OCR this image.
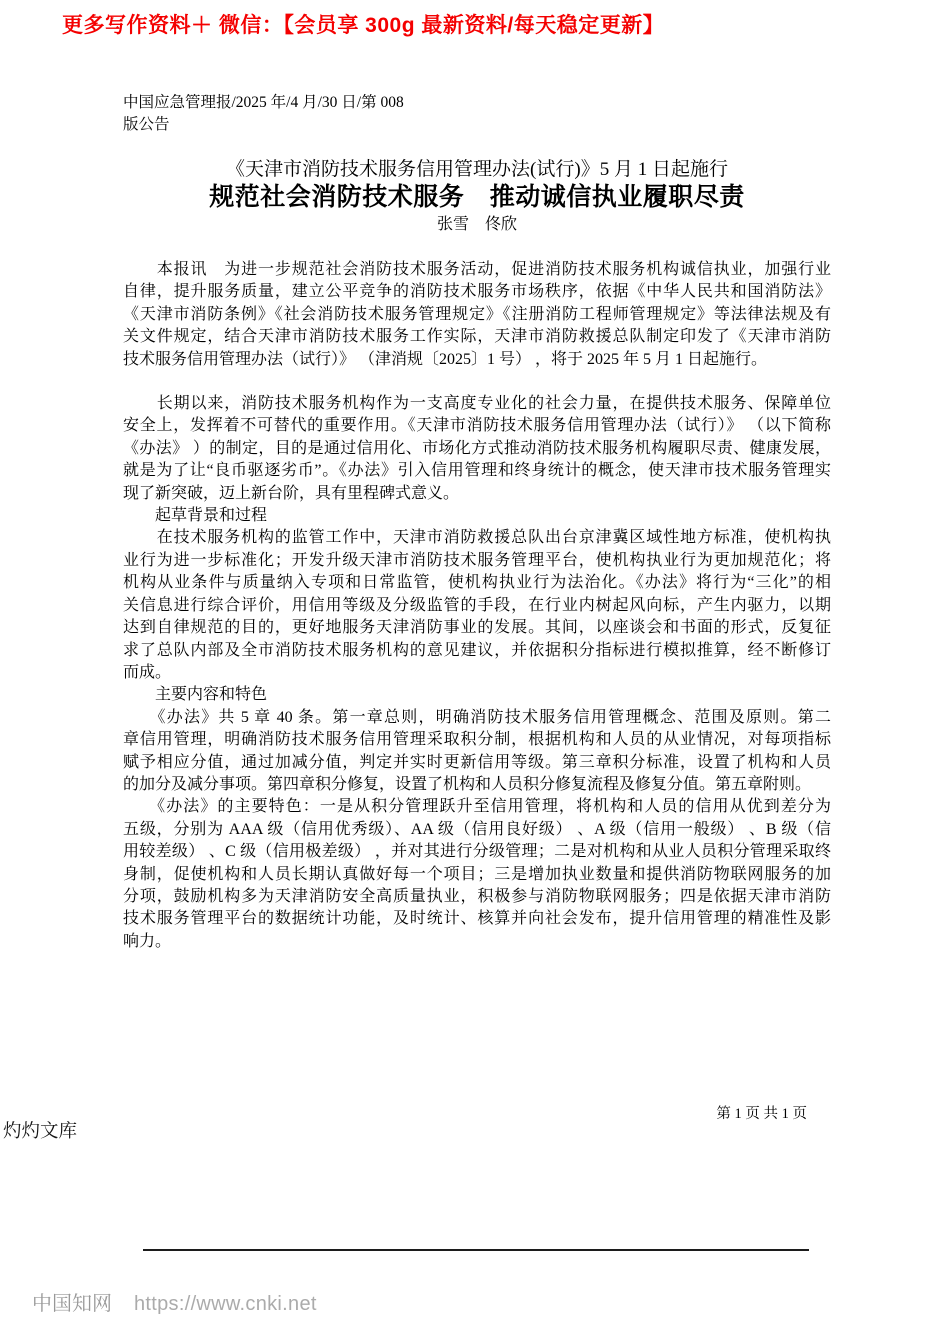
更多写作资料＋ 微信：【会员享 300g 最新资料/每天稳定更新】
中国应急管理报/2025 年/4 月/30 日/第 008
版公告
《天津市消防技术服务信用管理办法(试行)》5 月 1 日起施行
规范社会消防技术服务　推动诚信执业履职尽责
张雪　佟欣
　　本报讯　为进一步规范社会消防技术服务活动，促进消防技术服务机构诚信执业，加强行业
自律，提升服务质量，建立公平竞争的消防技术服务市场秩序，依据《中华人民共和国消防法》
《天津市消防条例》《社会消防技术服务管理规定》《注册消防工程师管理规定》等法律法规及有
关文件规定，结合天津市消防技术服务工作实际，天津市消防救援总队制定印发了《天津市消防
技术服务信用管理办法（试行）》 （津消规〔2025〕1 号） ，将于 2025 年 5 月 1 日起施行。
　　长期以来，消防技术服务机构作为一支高度专业化的社会力量，在提供技术服务、保障单位
安全上，发挥着不可替代的重要作用。《天津市消防技术服务信用管理办法（试行）》 （以下简称
《办法》 ）的制定，目的是通过信用化、市场化方式推动消防技术服务机构履职尽责、健康发展，
就是为了让“良币驱逐劣币”。《办法》引入信用管理和终身统计的概念，使天津市技术服务管理实
现了新突破，迈上新台阶，具有里程碑式意义。
　　起草背景和过程
　　在技术服务机构的监管工作中，天津市消防救援总队出台京津冀区域性地方标准，使机构执
业行为进一步标准化；开发升级天津市消防技术服务管理平台，使机构执业行为更加规范化；将
机构从业条件与质量纳入专项和日常监管，使机构执业行为法治化。《办法》将行为“三化”的相
关信息进行综合评价，用信用等级及分级监管的手段，在行业内树起风向标，产生内驱力，以期
达到自律规范的目的，更好地服务天津消防事业的发展。其间，以座谈会和书面的形式，反复征
求了总队内部及全市消防技术服务机构的意见建议，并依据积分指标进行模拟推算，经不断修订
而成。
　　主要内容和特色
　　《办法》共 5 章 40 条。第一章总则，明确消防技术服务信用管理概念、范围及原则。第二
章信用管理，明确消防技术服务信用管理采取积分制，根据机构和人员的从业情况，对每项指标
赋予相应分值，通过加减分值，判定并实时更新信用等级。第三章积分标准，设置了机构和人员
的加分及减分事项。第四章积分修复，设置了机构和人员积分修复流程及修复分值。第五章附则。
　　《办法》的主要特色：一是从积分管理跃升至信用管理，将机构和人员的信用从优到差分为
五级，分别为 AAA 级（信用优秀级）、AA 级（信用良好级） 、A 级（信用一般级） 、B 级（信
用较差级） 、C 级（信用极差级） ，并对其进行分级管理；二是对机构和从业人员积分管理采取终
身制，促使机构和人员长期认真做好每一个项目；三是增加执业数量和提供消防物联网服务的加
分项，鼓励机构多为天津消防安全高质量执业，积极参与消防物联网服务；四是依据天津市消防
技术服务管理平台的数据统计功能，及时统计、核算并向社会发布，提升信用管理的精准性及影
响力。
第 1 页 共 1 页
灼灼文库
中国知网 https://www.cnki.net
